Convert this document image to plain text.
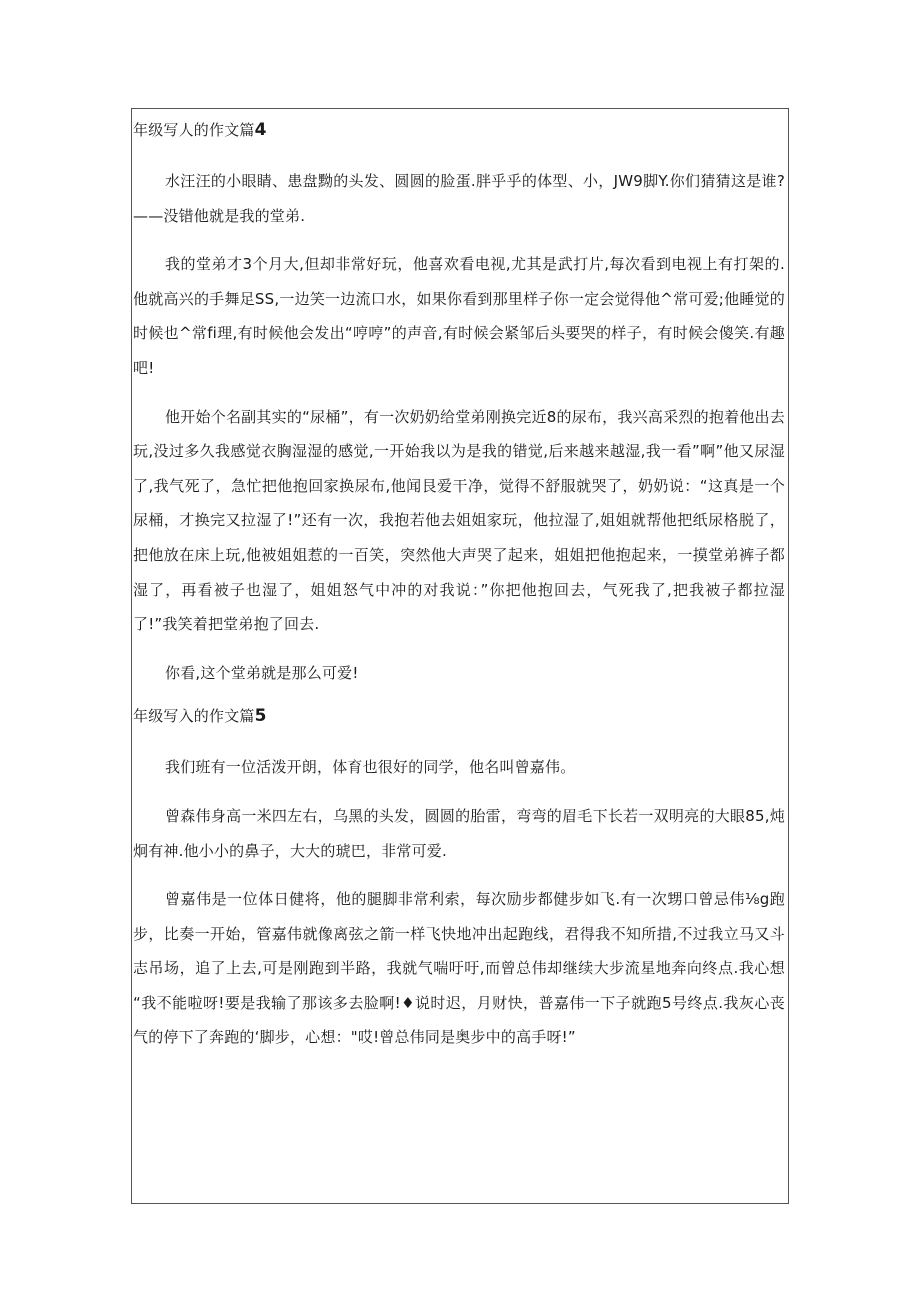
年级写人的作文篇4

水汪汪的小眼睛、患盘黝的头发、圆圆的脸蛋.胖乎乎的体型、小，JW9脚Y.你们猜猜这是谁?——没错他就是我的堂弟.

我的堂弟才3个月大,但却非常好玩，他喜欢看电视,尤其是武打片,每次看到电视上有打架的.他就高兴的手舞足SS,一边笑一边流口水，如果你看到那里样子你一定会觉得他^常可爱;他睡觉的时候也^常fi理,有时候他会发出“哼哼”的声音,有时候会紧邹后头要哭的样子，有时候会傻笑.有趣吧!

他开始个名副其实的“尿桶”，有一次奶奶给堂弟刚换完近8的尿布，我兴高采烈的抱着他出去玩,没过多久我感觉衣胸湿湿的感觉,一开始我以为是我的错觉,后来越来越湿,我一看”啊”他又尿湿了,我气死了，急忙把他抱回家换尿布,他闻艮爱干净，觉得不舒服就哭了，奶奶说：“这真是一个尿桶，才换完又拉湿了!”还有一次，我抱若他去姐姐家玩，他拉湿了,姐姐就帮他把纸尿格脱了，把他放在床上玩,他被姐姐惹的一百笑，突然他大声哭了起来，姐姐把他抱起来，一摸堂弟裤子都湿了，再看被子也湿了，姐姐怒气中冲的对我说：”你把他抱回去，气死我了,把我被子都拉湿了!”我笑着把堂弟抱了回去.

你看,这个堂弟就是那么可爱!

年级写入的作文篇5

我们班有一位活泼开朗，体育也很好的同学，他名叫曾嘉伟。

曾森伟身高一米四左右，乌黑的头发，圆圆的胎雷，弯弯的眉毛下长若一双明亮的大眼85,炖炯有神.他小小的鼻子，大大的琥巴，非常可爱.

曾嘉伟是一位体日健将，他的腿脚非常利索，每次励步都健步如飞.有一次甥口曾忌伟⅛g跑步，比奏一开始，管嘉伟就像离弦之箭一样飞快地冲出起跑线，君得我不知所措,不过我立马又斗志吊场，追了上去,可是刚跑到半路，我就气喘吁吁,而曾总伟却继续大步流星地奔向终点.我心想 “我不能啦呀!要是我输了那该多去脸啊!♦说时迟，月财快，普嘉伟一下子就跑5号终点.我灰心丧气的停下了奔跑的‘脚步，心想："哎!曾总伟同是奥步中的高手呀!”
